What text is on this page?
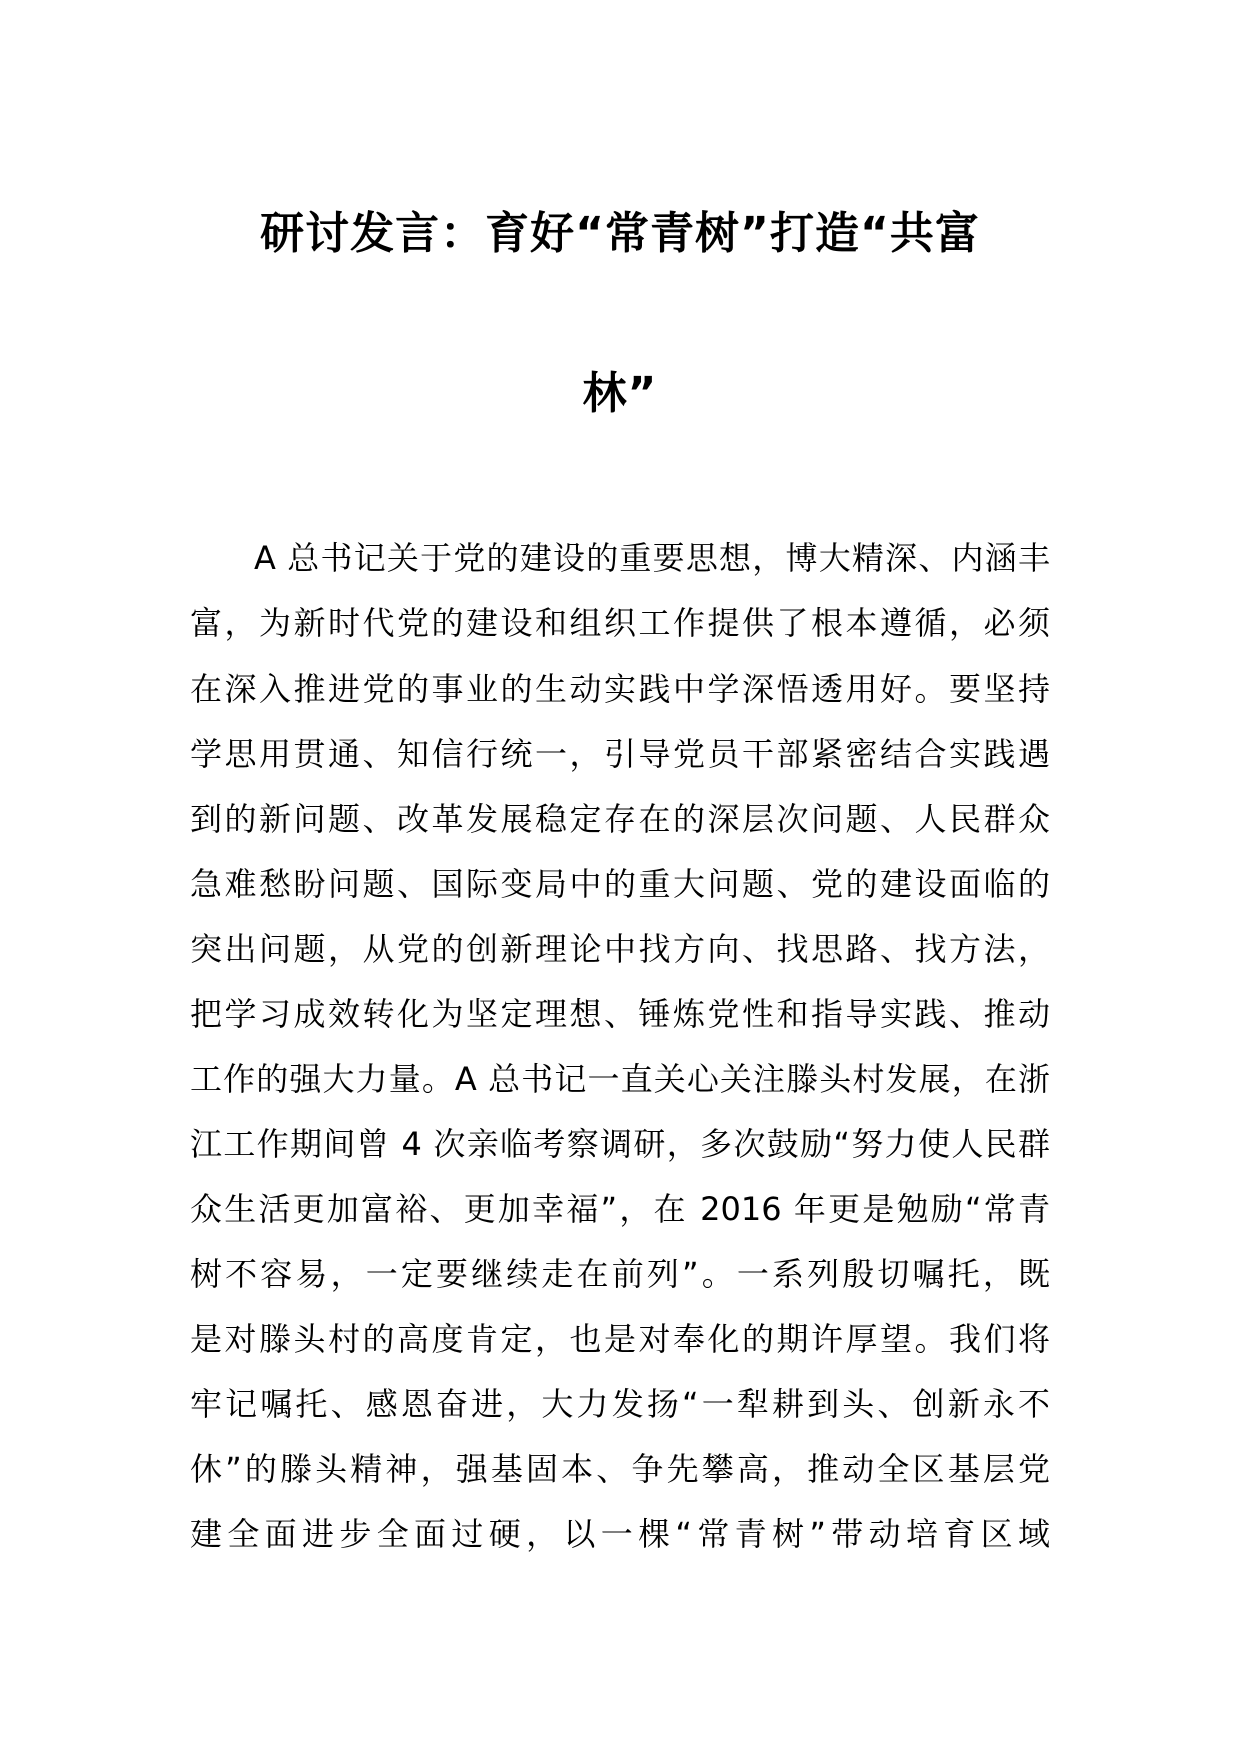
研讨发言：育好“常青树”打造“共富
林”
A 总书记关于党的建设的重要思想，博大精深、内涵丰
富，为新时代党的建设和组织工作提供了根本遵循，必须
在深入推进党的事业的生动实践中学深悟透用好。要坚持
学思用贯通、知信行统一，引导党员干部紧密结合实践遇
到的新问题、改革发展稳定存在的深层次问题、人民群众
急难愁盼问题、国际变局中的重大问题、党的建设面临的
突出问题，从党的创新理论中找方向、找思路、找方法，
把学习成效转化为坚定理想、锤炼党性和指导实践、推动
工作的强大力量。A 总书记一直关心关注滕头村发展，在浙
江工作期间曾 4 次亲临考察调研，多次鼓励“努力使人民群
众生活更加富裕、更加幸福”，在 2016 年更是勉励“常青
树不容易，一定要继续走在前列”。一系列殷切嘱托，既
是对滕头村的高度肯定，也是对奉化的期许厚望。我们将
牢记嘱托、感恩奋进，大力发扬“一犁耕到头、创新永不
休”的滕头精神，强基固本、争先攀高，推动全区基层党
建全面进步全面过硬，以一棵“常青树”带动培育区域
